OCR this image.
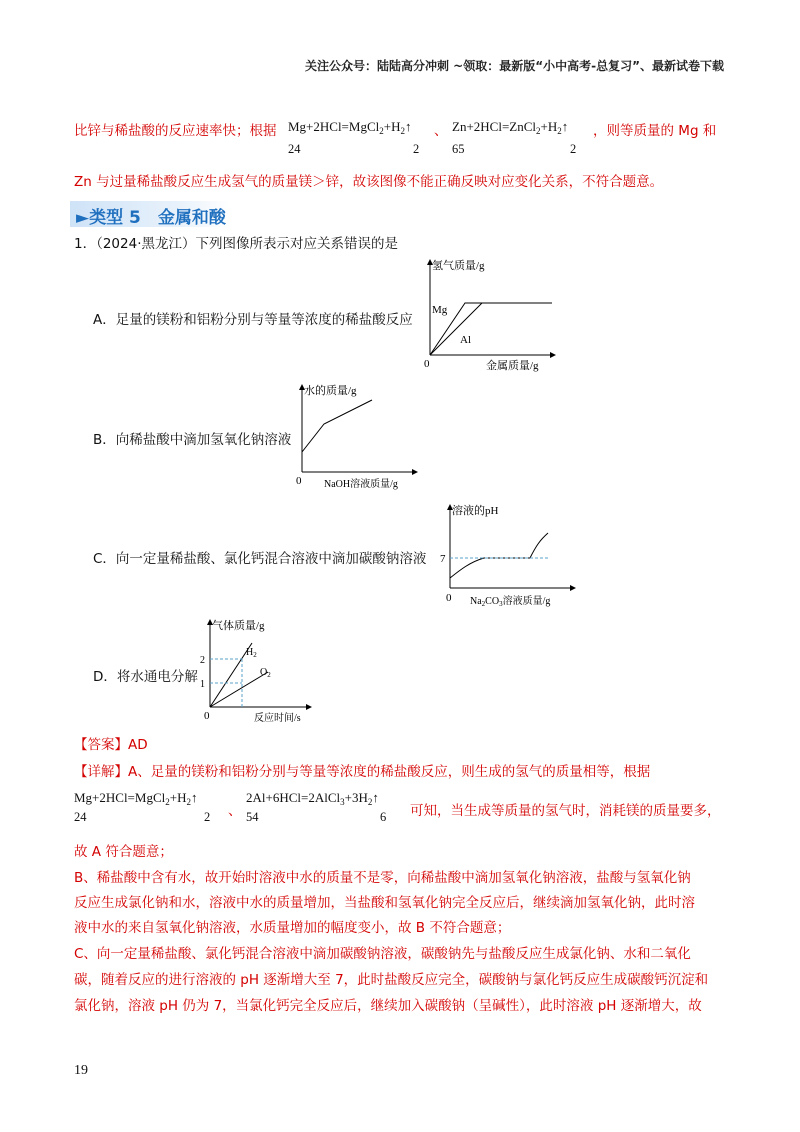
关注公众号：陆陆高分冲刺 ~领取：最新版“小中高考-总复习”、最新试卷下载
比锌与稀盐酸的反应速率快；根据 $Mg+2HCl=MgCl_2+H_2↑$ 、 $Zn+2HCl=ZnCl_2+H_2↑$ ，则等质量的 Mg 和
24	2	65	2
Zn 与过量稀盐酸反应生成氢气的质量镁＞锌，故该图像不能正确反映对应变化关系，不符合题意。
►类型 5　金属和酸
1．（2024·黑龙江）下列图像所表示对应关系错误的是
A．足量的镁粉和铝粉分别与等量等浓度的稀盐酸反应
B．向稀盐酸中滴加氢氧化钠溶液
C．向一定量稀盐酸、氯化钙混合溶液中滴加碳酸钠溶液
D．将水通电分解
氢气质量/g
Mg
Al
0	金属质量/g
水的质量/g
0 NaOH溶液质量/g
溶液的pH
7
0 $Na_2CO_3$溶液质量/g
气体质量/g
2
1
$H_2$
$O_2$
0	反应时间/s
【答案】AD
【详解】A、足量的镁粉和铝粉分别与等量等浓度的稀盐酸反应，则生成的氢气的质量相等，根据
$Mg+2HCl=MgCl_2+H_2↑$
、
$2Al+6HCl=2AlCl_3+3H_2↑$
可知，当生成等质量的氢气时，消耗镁的质量要多，
24	2	54	6
故 A 符合题意；
B、稀盐酸中含有水，故开始时溶液中水的质量不是零，向稀盐酸中滴加氢氧化钠溶液，盐酸与氢氧化钠
反应生成氯化钠和水，溶液中水的质量增加，当盐酸和氢氧化钠完全反应后，继续滴加氢氧化钠，此时溶
液中水的来自氢氧化钠溶液，水质量增加的幅度变小，故 B 不符合题意；
C、向一定量稀盐酸、氯化钙混合溶液中滴加碳酸钠溶液，碳酸钠先与盐酸反应生成氯化钠、水和二氧化
碳，随着反应的进行溶液的 pH 逐渐增大至 7，此时盐酸反应完全，碳酸钠与氯化钙反应生成碳酸钙沉淀和
氯化钠，溶液 pH 仍为 7，当氯化钙完全反应后，继续加入碳酸钠（呈碱性），此时溶液 pH 逐渐增大，故
19
